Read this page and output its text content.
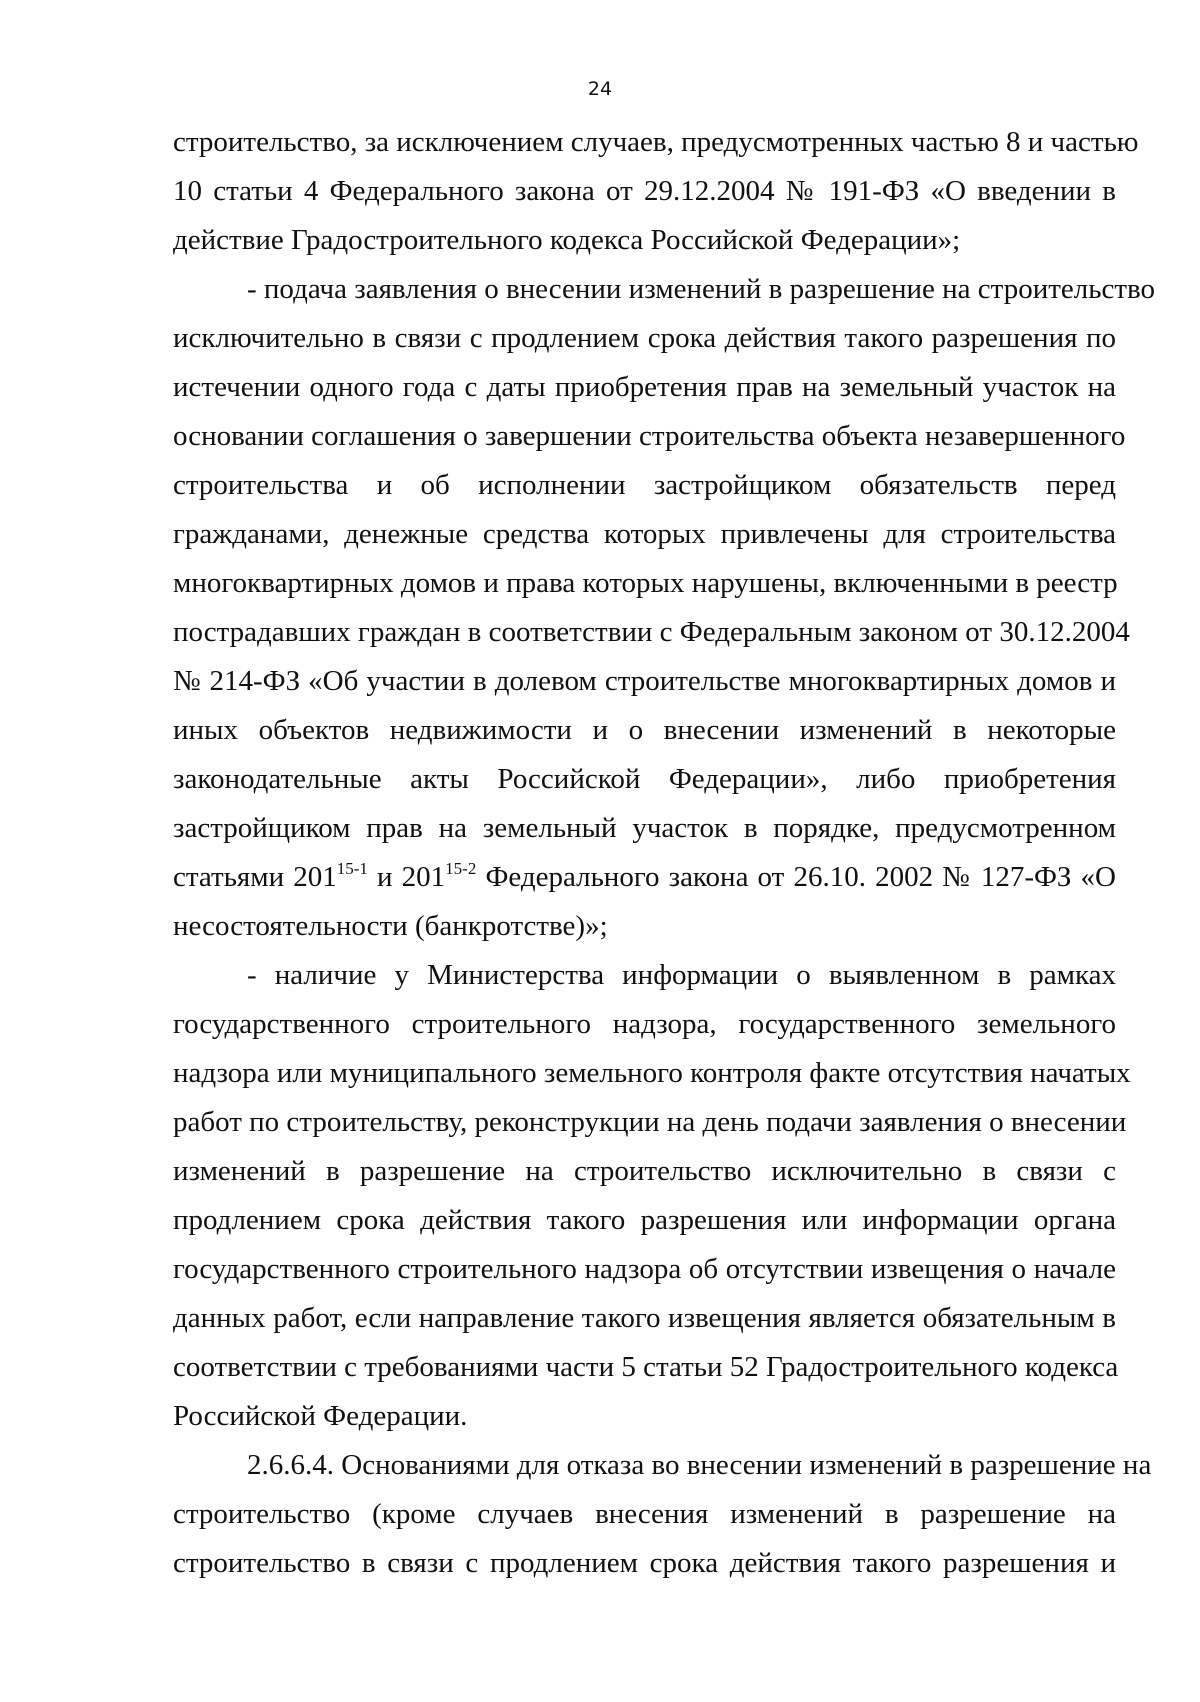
24
строительство, за исключением случаев, предусмотренных частью 8 и частью
10 статьи 4 Федерального закона от 29.12.2004 № 191-ФЗ «О введении в
действие Градостроительного кодекса Российской Федерации»;
- подача заявления о внесении изменений в разрешение на строительство
исключительно в связи с продлением срока действия такого разрешения по
истечении одного года с даты приобретения прав на земельный участок на
основании соглашения о завершении строительства объекта незавершенного
строительства и об исполнении застройщиком обязательств перед
гражданами, денежные средства которых привлечены для строительства
многоквартирных домов и права которых нарушены, включенными в реестр
пострадавших граждан в соответствии с Федеральным законом от 30.12.2004
№ 214-ФЗ «Об участии в долевом строительстве многоквартирных домов и
иных объектов недвижимости и о внесении изменений в некоторые
законодательные акты Российской Федерации», либо приобретения
застройщиком прав на земельный участок в порядке, предусмотренном
статьями 201$^{15-1}$ и 201$^{15-2}$ Федерального закона от 26.10. 2002 № 127-ФЗ «О
несостоятельности (банкротстве)»;
- наличие у Министерства информации о выявленном в рамках
государственного строительного надзора, государственного земельного
надзора или муниципального земельного контроля факте отсутствия начатых
работ по строительству, реконструкции на день подачи заявления о внесении
изменений в разрешение на строительство исключительно в связи с
продлением срока действия такого разрешения или информации органа
государственного строительного надзора об отсутствии извещения о начале
данных работ, если направление такого извещения является обязательным в
соответствии с требованиями части 5 статьи 52 Градостроительного кодекса
Российской Федерации.
2.6.6.4. Основаниями для отказа во внесении изменений в разрешение на
строительство (кроме случаев внесения изменений в разрешение на
строительство в связи с продлением срока действия такого разрешения и
